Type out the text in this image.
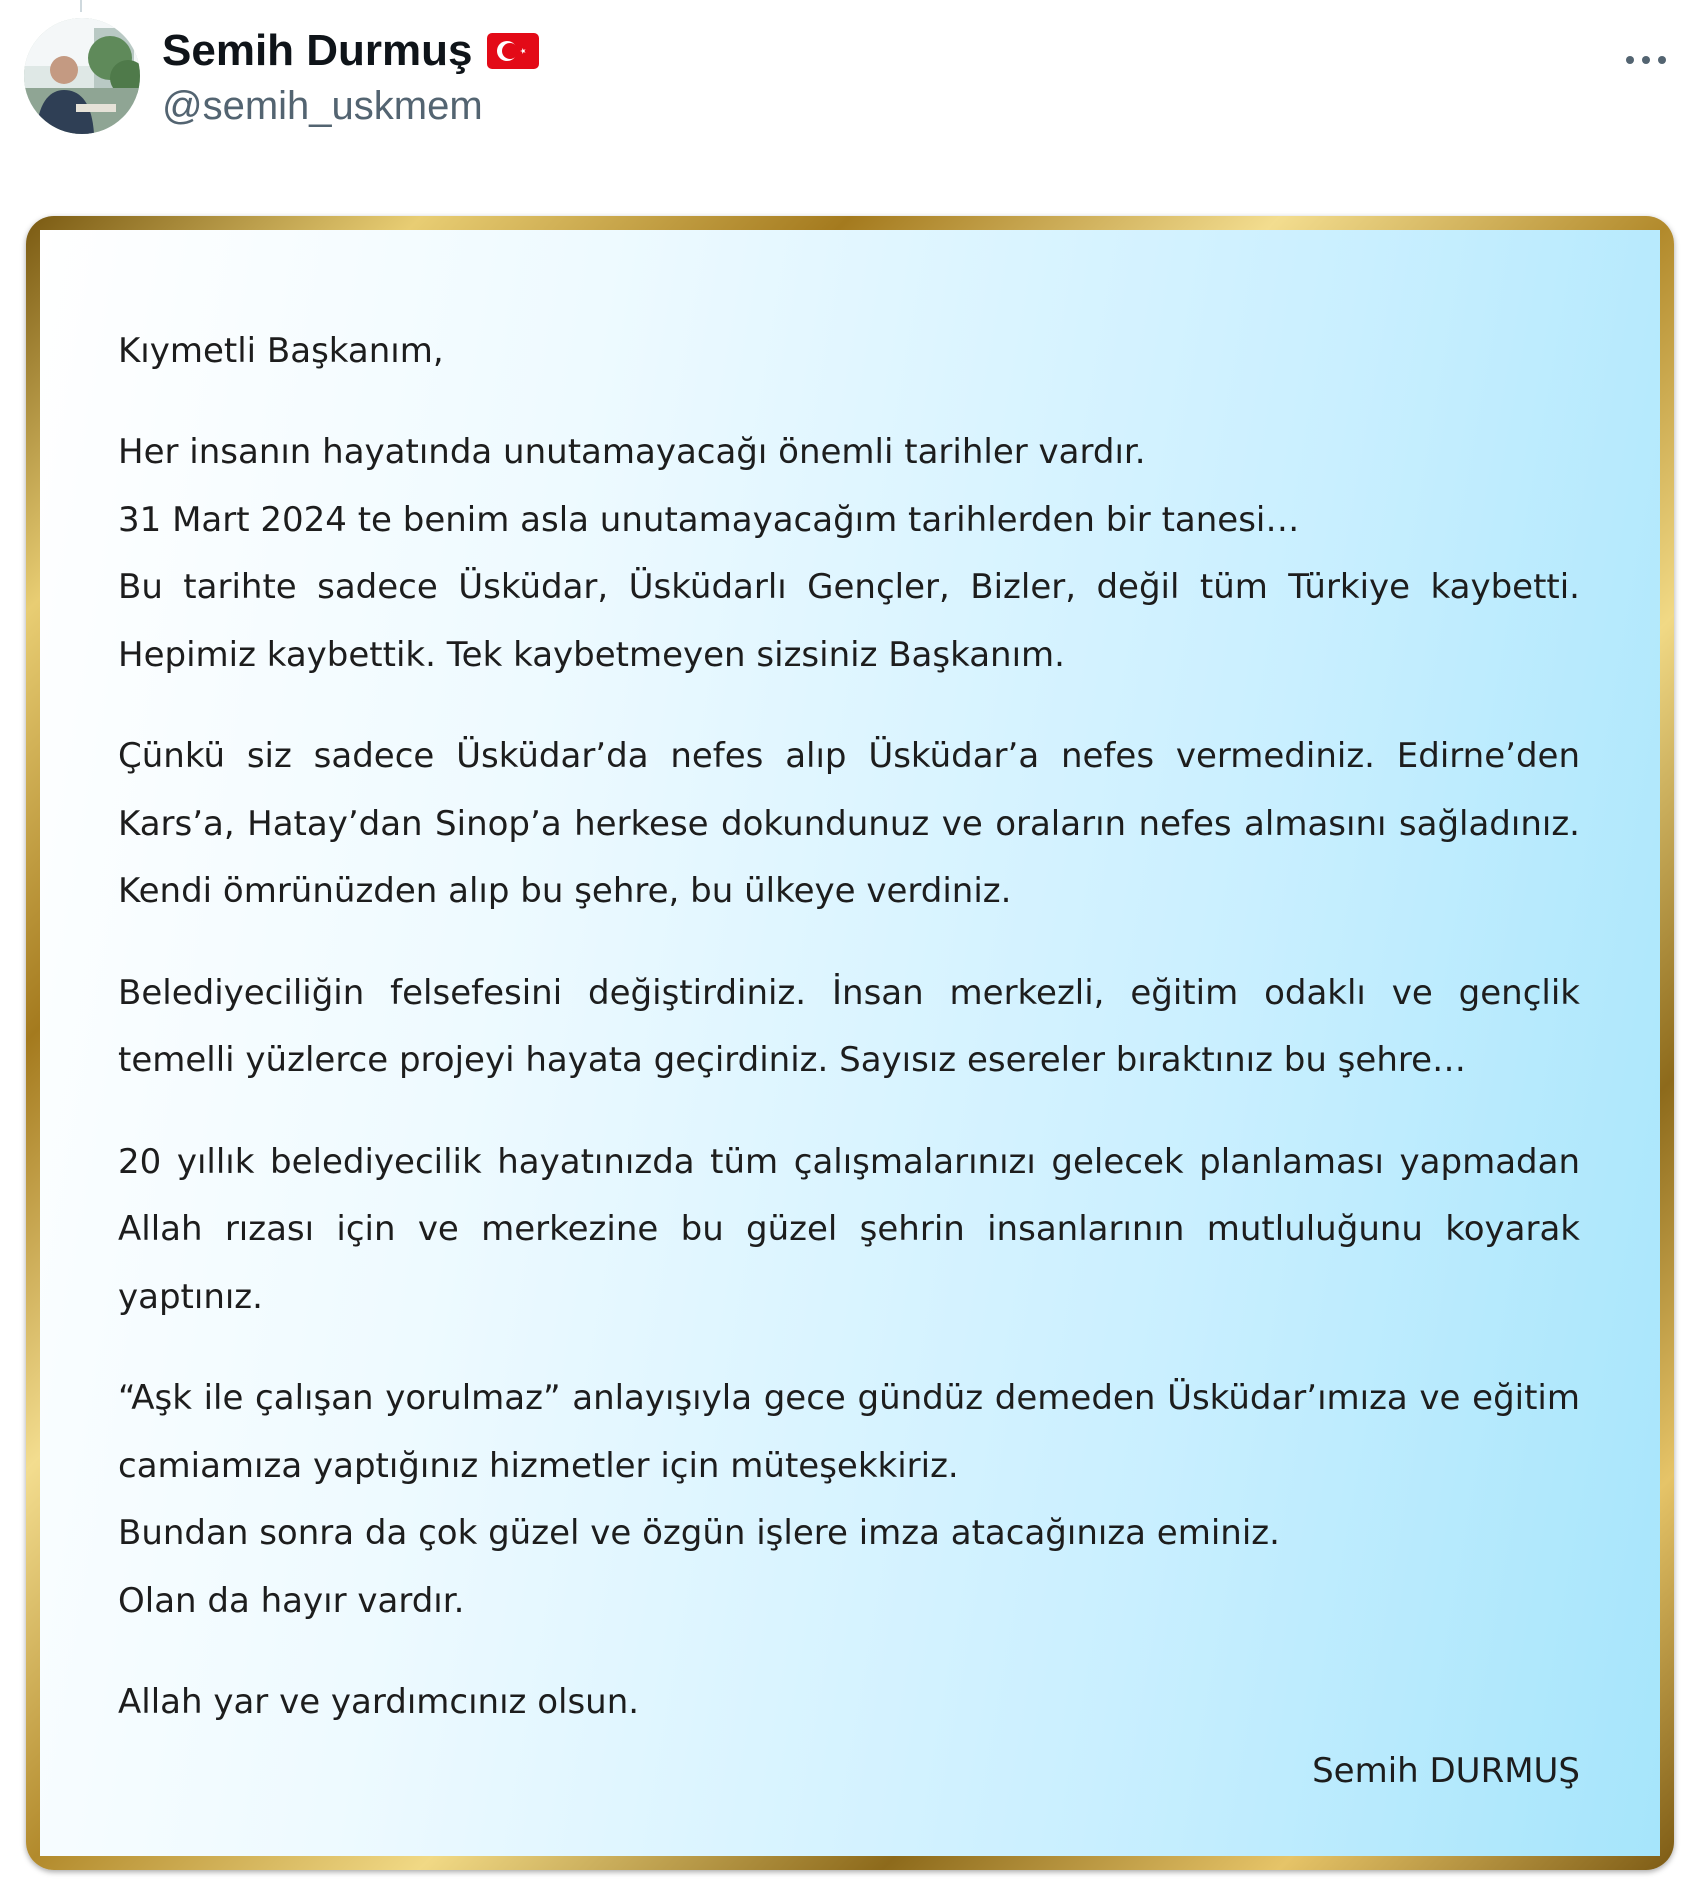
Semih Durmuş
@semih_uskmem
Kıymetli Başkanım,
Her insanın hayatında unutamayacağı önemli tarihler vardır.
31 Mart 2024 te benim asla unutamayacağım tarihlerden bir tanesi…
Bu tarihte sadece Üsküdar, Üsküdarlı Gençler, Bizler, değil tüm Türkiye kaybetti. Hepimiz kaybettik. Tek kaybetmeyen sizsiniz Başkanım.
Çünkü siz sadece Üsküdar’da nefes alıp Üsküdar’a nefes vermediniz. Edirne’den Kars’a, Hatay’dan Sinop’a herkese dokundunuz ve oraların nefes almasını sağladınız. Kendi ömrünüzden alıp bu şehre, bu ülkeye verdiniz.
Belediyeciliğin felsefesini değiştirdiniz. İnsan merkezli, eğitim odaklı ve gençlik temelli yüzlerce projeyi hayata geçirdiniz. Sayısız esereler bıraktınız bu şehre…
20 yıllık belediyecilik hayatınızda tüm çalışmalarınızı gelecek planlaması yapmadan Allah rızası için ve merkezine bu güzel şehrin insanlarının mutluluğunu koyarak yaptınız.
“Aşk ile çalışan yorulmaz” anlayışıyla gece gündüz demeden Üsküdar’ımıza ve eğitim camiamıza yaptığınız hizmetler için müteşekkiriz.
Bundan sonra da çok güzel ve özgün işlere imza atacağınıza eminiz.
Olan da hayır vardır.
Allah yar ve yardımcınız olsun.
Semih DURMUŞ
